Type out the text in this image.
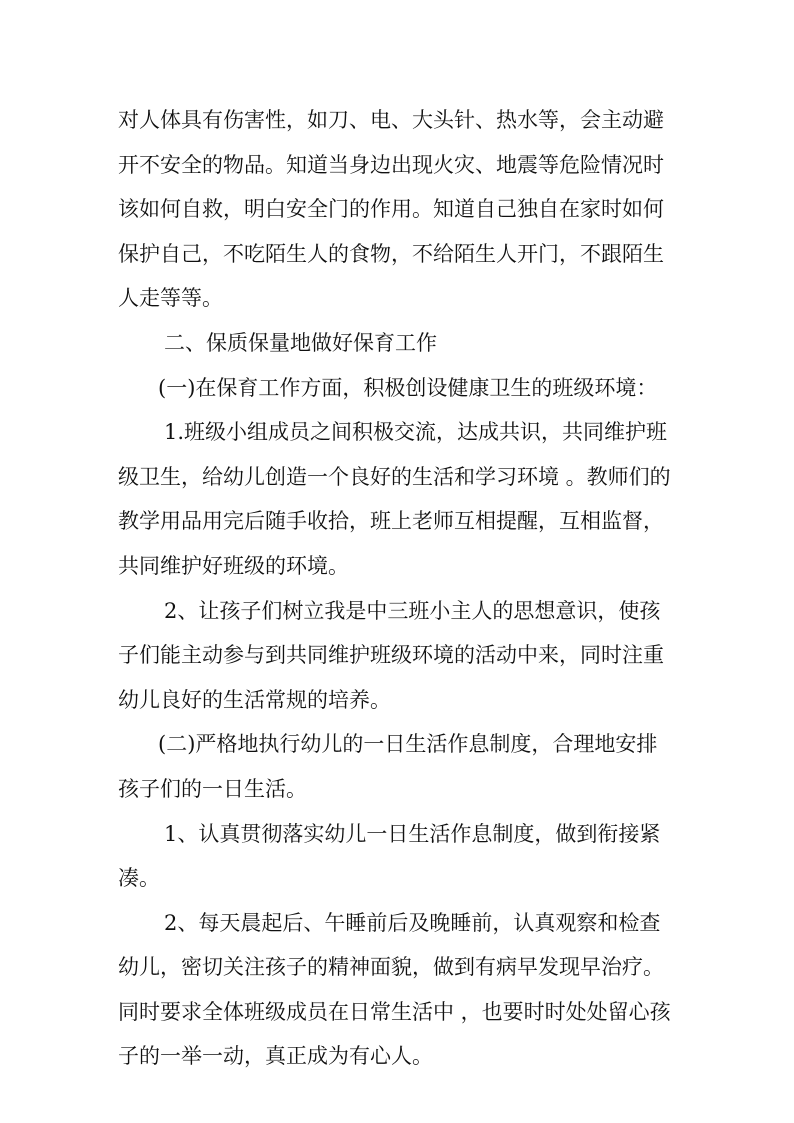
对人体具有伤害性，如刀、电、大头针、热水等，会主动避
开不安全的物品。知道当身边出现火灾、地震等危险情况时
该如何自救，明白安全门的作用。知道自己独自在家时如何
保护自己，不吃陌生人的食物，不给陌生人开门，不跟陌生
人走等等。
二、保质保量地做好保育工作
(一)在保育工作方面，积极创设健康卫生的班级环境：
1.班级小组成员之间积极交流，达成共识，共同维护班
级卫生，给幼儿创造一个良好的生活和学习环境 。教师们的
教学用品用完后随手收拾，班上老师互相提醒，互相监督，
共同维护好班级的环境。
2、让孩子们树立我是中三班小主人的思想意识，使孩
子们能主动参与到共同维护班级环境的活动中来，同时注重
幼儿良好的生活常规的培养。
(二)严格地执行幼儿的一日生活作息制度，合理地安排
孩子们的一日生活。
1、认真贯彻落实幼儿一日生活作息制度，做到衔接紧
凑。
2、每天晨起后、午睡前后及晚睡前，认真观察和检查
幼儿，密切关注孩子的精神面貌，做到有病早发现早治疗。
同时要求全体班级成员在日常生活中 ，也要时时处处留心孩
子的一举一动，真正成为有心人。
